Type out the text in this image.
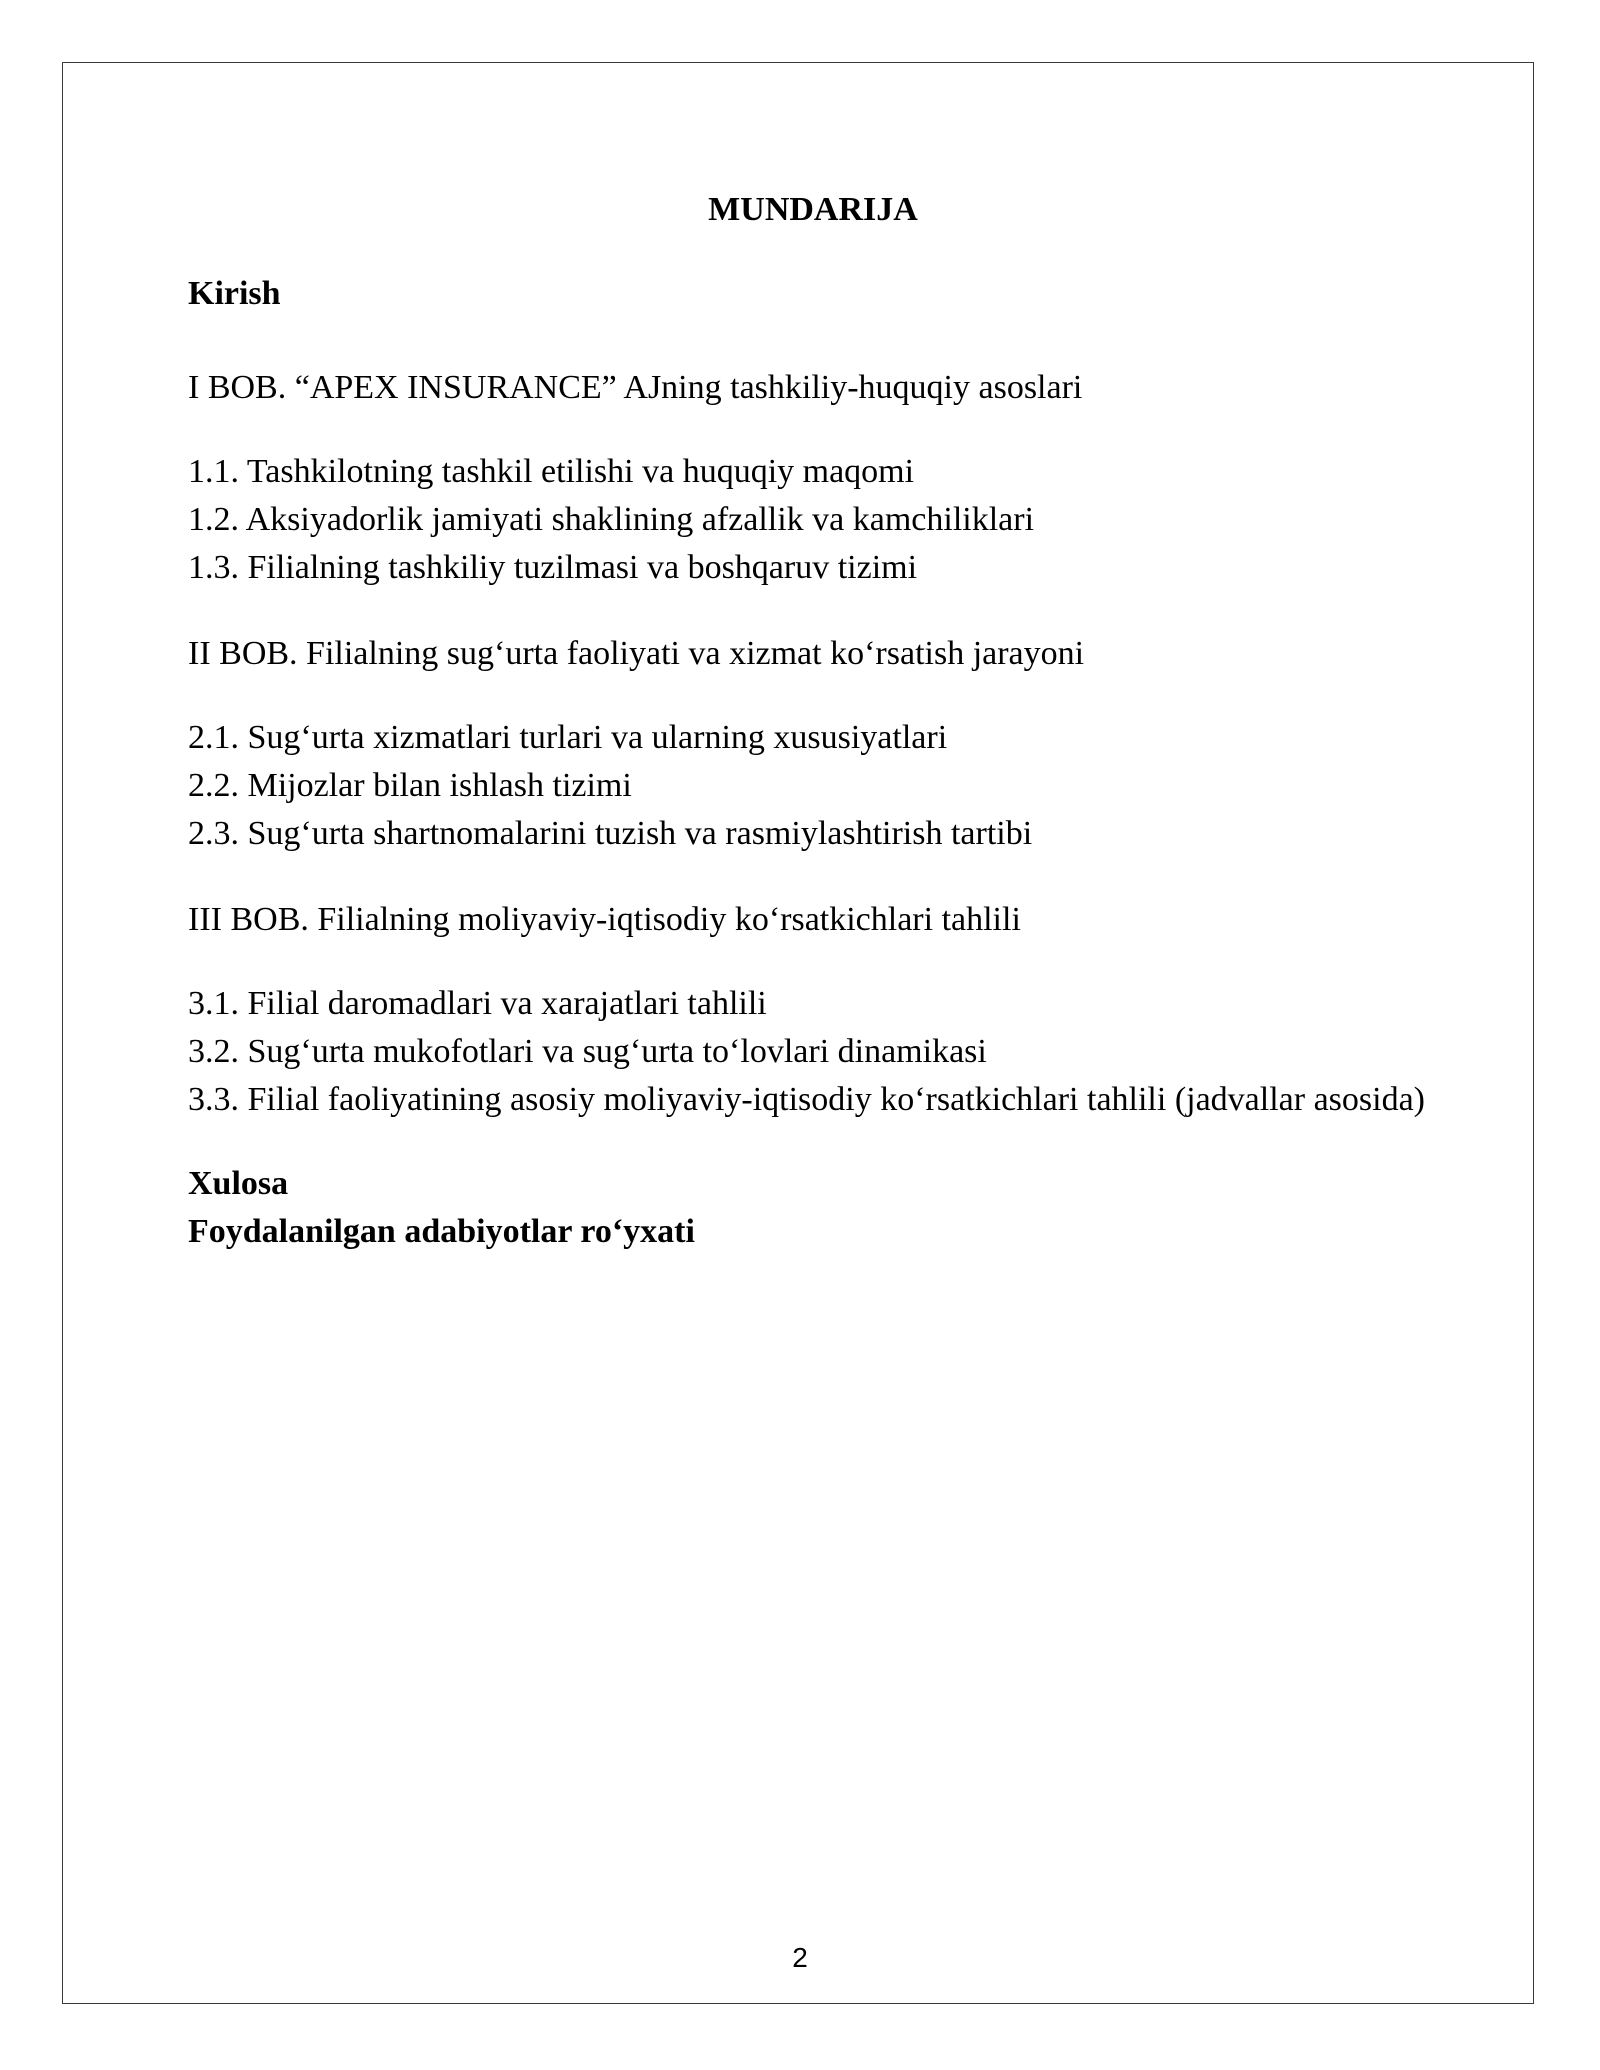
MUNDARIJA
Kirish
I BOB. “APEX INSURANCE” AJning tashkiliy-huquqiy asoslari
1.1. Tashkilotning tashkil etilishi va huquqiy maqomi
1.2. Aksiyadorlik jamiyati shaklining afzallik va kamchiliklari
1.3. Filialning tashkiliy tuzilmasi va boshqaruv tizimi
II BOB. Filialning sug‘urta faoliyati va xizmat ko‘rsatish jarayoni
2.1. Sug‘urta xizmatlari turlari va ularning xususiyatlari
2.2. Mijozlar bilan ishlash tizimi
2.3. Sug‘urta shartnomalarini tuzish va rasmiylashtirish tartibi
III BOB. Filialning moliyaviy-iqtisodiy ko‘rsatkichlari tahlili
3.1. Filial daromadlari va xarajatlari tahlili
3.2. Sug‘urta mukofotlari va sug‘urta to‘lovlari dinamikasi
3.3. Filial faoliyatining asosiy moliyaviy-iqtisodiy ko‘rsatkichlari tahlili (jadvallar asosida)
Xulosa
Foydalanilgan adabiyotlar ro‘yxati
2
